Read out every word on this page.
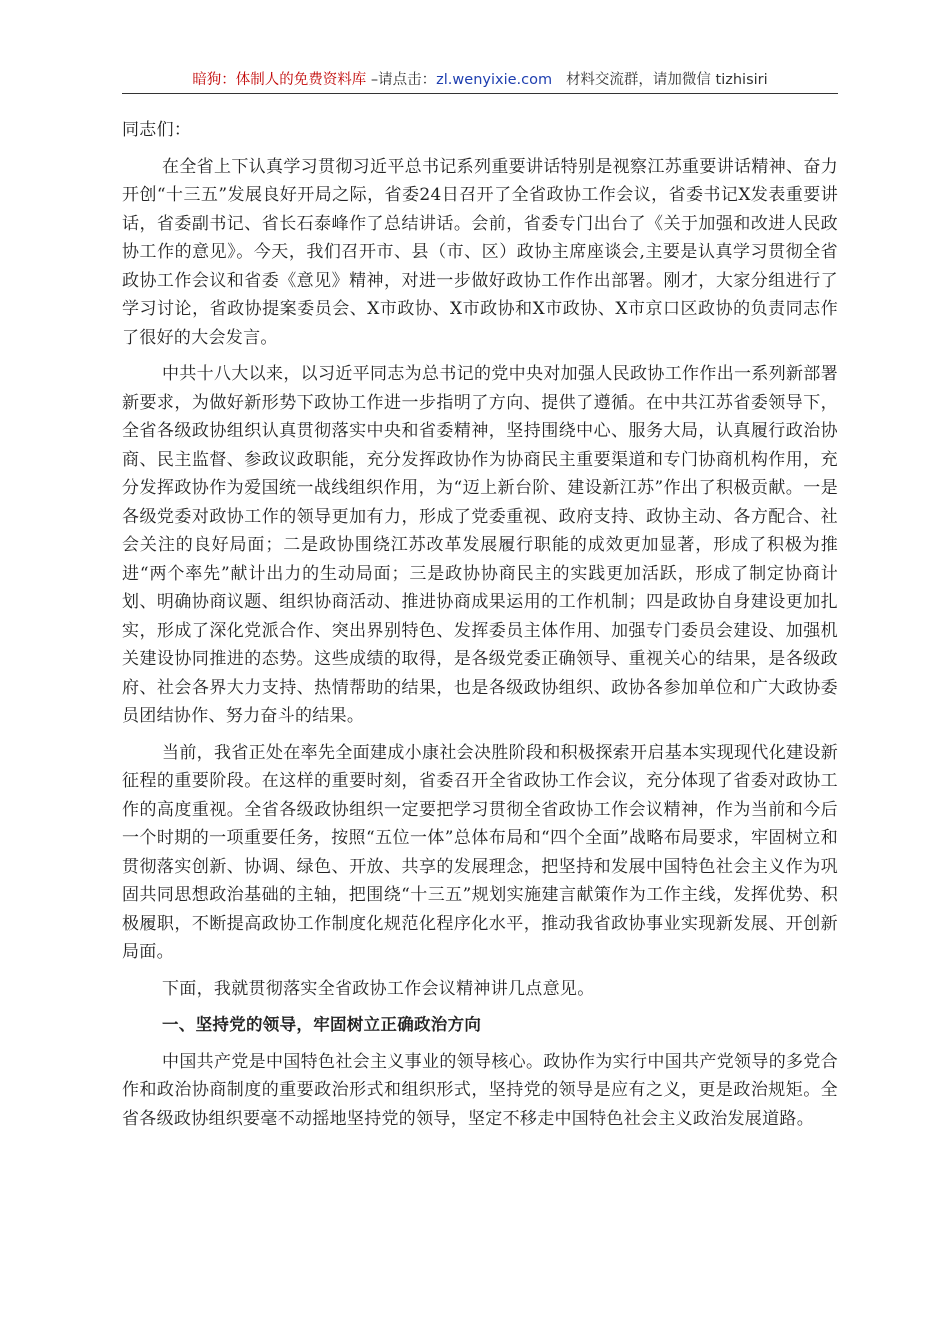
暗狗：体制人的免费资料库 –请点击：zl.wenyixie.com 材料交流群，请加微信 tizhisiri

同志们：

在全省上下认真学习贯彻习近平总书记系列重要讲话特别是视察江苏重要讲话精神、奋力开创“十三五”发展良好开局之际，省委24日召开了全省政协工作会议，省委书记X发表重要讲话，省委副书记、省长石泰峰作了总结讲话。会前，省委专门出台了《关于加强和改进人民政协工作的意见》。今天，我们召开市、县（市、区）政协主席座谈会,主要是认真学习贯彻全省政协工作会议和省委《意见》精神，对进一步做好政协工作作出部署。刚才，大家分组进行了学习讨论，省政协提案委员会、X市政协、X市政协和X市政协、X市京口区政协的负责同志作了很好的大会发言。

中共十八大以来，以习近平同志为总书记的党中央对加强人民政协工作作出一系列新部署新要求，为做好新形势下政协工作进一步指明了方向、提供了遵循。在中共江苏省委领导下，全省各级政协组织认真贯彻落实中央和省委精神，坚持围绕中心、服务大局，认真履行政治协商、民主监督、参政议政职能，充分发挥政协作为协商民主重要渠道和专门协商机构作用，充分发挥政协作为爱国统一战线组织作用，为“迈上新台阶、建设新江苏”作出了积极贡献。一是各级党委对政协工作的领导更加有力，形成了党委重视、政府支持、政协主动、各方配合、社会关注的良好局面；二是政协围绕江苏改革发展履行职能的成效更加显著，形成了积极为推进“两个率先”献计出力的生动局面；三是政协协商民主的实践更加活跃，形成了制定协商计划、明确协商议题、组织协商活动、推进协商成果运用的工作机制；四是政协自身建设更加扎实，形成了深化党派合作、突出界别特色、发挥委员主体作用、加强专门委员会建设、加强机关建设协同推进的态势。这些成绩的取得，是各级党委正确领导、重视关心的结果，是各级政府、社会各界大力支持、热情帮助的结果，也是各级政协组织、政协各参加单位和广大政协委员团结协作、努力奋斗的结果。

当前，我省正处在率先全面建成小康社会决胜阶段和积极探索开启基本实现现代化建设新征程的重要阶段。在这样的重要时刻，省委召开全省政协工作会议，充分体现了省委对政协工作的高度重视。全省各级政协组织一定要把学习贯彻全省政协工作会议精神，作为当前和今后一个时期的一项重要任务，按照“五位一体”总体布局和“四个全面”战略布局要求，牢固树立和贯彻落实创新、协调、绿色、开放、共享的发展理念，把坚持和发展中国特色社会主义作为巩固共同思想政治基础的主轴，把围绕“十三五”规划实施建言献策作为工作主线，发挥优势、积极履职，不断提高政协工作制度化规范化程序化水平，推动我省政协事业实现新发展、开创新局面。

下面，我就贯彻落实全省政协工作会议精神讲几点意见。

一、坚持党的领导，牢固树立正确政治方向

中国共产党是中国特色社会主义事业的领导核心。政协作为实行中国共产党领导的多党合作和政治协商制度的重要政治形式和组织形式，坚持党的领导是应有之义，更是政治规矩。全省各级政协组织要毫不动摇地坚持党的领导，坚定不移走中国特色社会主义政治发展道路。
